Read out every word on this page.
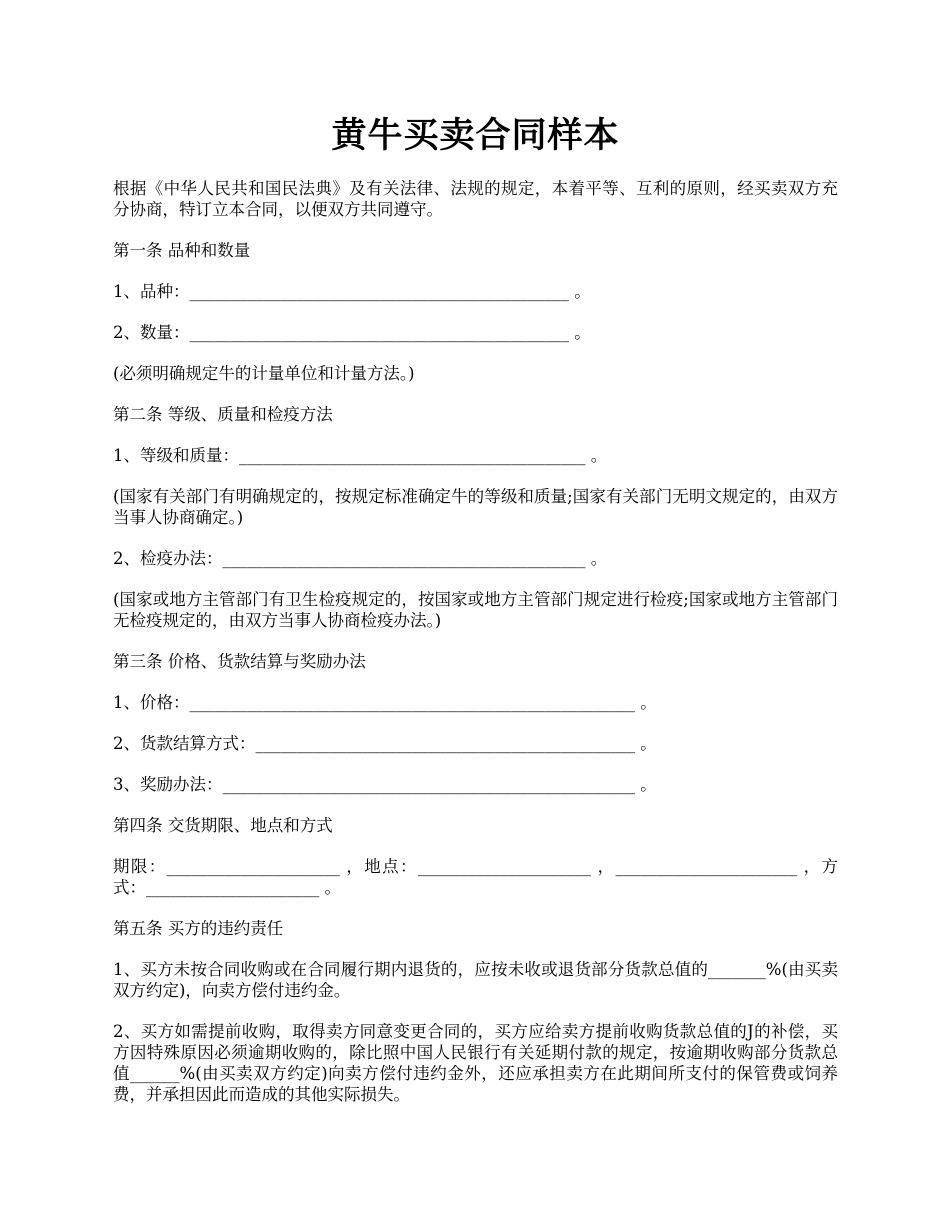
黄牛买卖合同样本

根据《中华人民共和国民法典》及有关法律、法规的规定，本着平等、互利的原则，经买卖双方充分协商，特订立本合同，以便双方共同遵守。

第一条 品种和数量

1、品种：______________________________________________ 。

2、数量：______________________________________________ 。

(必须明确规定牛的计量单位和计量方法。)

第二条 等级、质量和检疫方法

1、等级和质量：__________________________________________ 。

(国家有关部门有明确规定的，按规定标准确定牛的等级和质量;国家有关部门无明文规定的，由双方当事人协商确定。)

2、检疫办法：____________________________________________ 。

(国家或地方主管部门有卫生检疫规定的，按国家或地方主管部门规定进行检疫;国家或地方主管部门无检疫规定的，由双方当事人协商检疫办法。)

第三条 价格、货款结算与奖励办法

1、价格：______________________________________________________ 。

2、货款结算方式：______________________________________________ 。

3、奖励办法：__________________________________________________ 。

第四条 交货期限、地点和方式

期限：_____________________ ，地点：_____________________ ，______________________ ，方式：_____________________ 。

第五条 买方的违约责任

1、买方未按合同收购或在合同履行期内退货的，应按未收或退货部分货款总值的_______%(由买卖双方约定)，向卖方偿付违约金。

2、买方如需提前收购，取得卖方同意变更合同的，买方应给卖方提前收购货款总值的J的补偿，买方因特殊原因必须逾期收购的，除比照中国人民银行有关延期付款的规定，按逾期收购部分货款总值______%(由买卖双方约定)向卖方偿付违约金外，还应承担卖方在此期间所支付的保管费或饲养费，并承担因此而造成的其他实际损失。
